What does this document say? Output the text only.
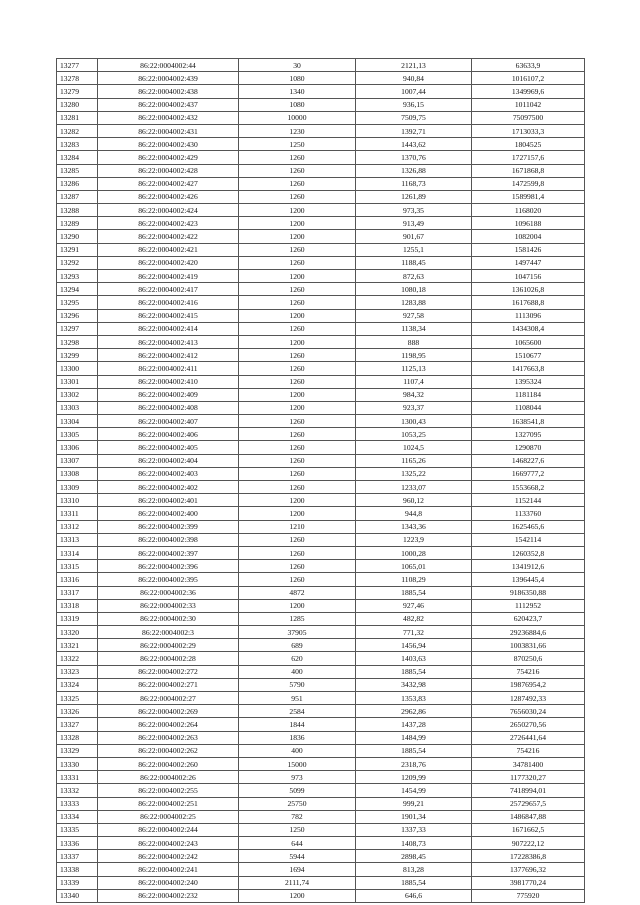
13277	86:22:0004002:44	30	2121,13	63633,9
13278	86:22:0004002:439	1080	940,84	1016107,2
13279	86:22:0004002:438	1340	1007,44	1349969,6
13280	86:22:0004002:437	1080	936,15	1011042
13281	86:22:0004002:432	10000	7509,75	75097500
13282	86:22:0004002:431	1230	1392,71	1713033,3
13283	86:22:0004002:430	1250	1443,62	1804525
13284	86:22:0004002:429	1260	1370,76	1727157,6
13285	86:22:0004002:428	1260	1326,88	1671868,8
13286	86:22:0004002:427	1260	1168,73	1472599,8
13287	86:22:0004002:426	1260	1261,89	1589981,4
13288	86:22:0004002:424	1200	973,35	1168020
13289	86:22:0004002:423	1200	913,49	1096188
13290	86:22:0004002:422	1200	901,67	1082004
13291	86:22:0004002:421	1260	1255,1	1581426
13292	86:22:0004002:420	1260	1188,45	1497447
13293	86:22:0004002:419	1200	872,63	1047156
13294	86:22:0004002:417	1260	1080,18	1361026,8
13295	86:22:0004002:416	1260	1283,88	1617688,8
13296	86:22:0004002:415	1200	927,58	1113096
13297	86:22:0004002:414	1260	1138,34	1434308,4
13298	86:22:0004002:413	1200	888	1065600
13299	86:22:0004002:412	1260	1198,95	1510677
13300	86:22:0004002:411	1260	1125,13	1417663,8
13301	86:22:0004002:410	1260	1107,4	1395324
13302	86:22:0004002:409	1200	984,32	1181184
13303	86:22:0004002:408	1200	923,37	1108044
13304	86:22:0004002:407	1260	1300,43	1638541,8
13305	86:22:0004002:406	1260	1053,25	1327095
13306	86:22:0004002:405	1260	1024,5	1290870
13307	86:22:0004002:404	1260	1165,26	1468227,6
13308	86:22:0004002:403	1260	1325,22	1669777,2
13309	86:22:0004002:402	1260	1233,07	1553668,2
13310	86:22:0004002:401	1200	960,12	1152144
13311	86:22:0004002:400	1200	944,8	1133760
13312	86:22:0004002:399	1210	1343,36	1625465,6
13313	86:22:0004002:398	1260	1223,9	1542114
13314	86:22:0004002:397	1260	1000,28	1260352,8
13315	86:22:0004002:396	1260	1065,01	1341912,6
13316	86:22:0004002:395	1260	1108,29	1396445,4
13317	86:22:0004002:36	4872	1885,54	9186350,88
13318	86:22:0004002:33	1200	927,46	1112952
13319	86:22:0004002:30	1285	482,82	620423,7
13320	86:22:0004002:3	37905	771,32	29236884,6
13321	86:22:0004002:29	689	1456,94	1003831,66
13322	86:22:0004002:28	620	1403,63	870250,6
13323	86:22:0004002:272	400	1885,54	754216
13324	86:22:0004002:271	5790	3432,98	19876954,2
13325	86:22:0004002:27	951	1353,83	1287492,33
13326	86:22:0004002:269	2584	2962,86	7656030,24
13327	86:22:0004002:264	1844	1437,28	2650270,56
13328	86:22:0004002:263	1836	1484,99	2726441,64
13329	86:22:0004002:262	400	1885,54	754216
13330	86:22:0004002:260	15000	2318,76	34781400
13331	86:22:0004002:26	973	1209,99	1177320,27
13332	86:22:0004002:255	5099	1454,99	7418994,01
13333	86:22:0004002:251	25750	999,21	25729657,5
13334	86:22:0004002:25	782	1901,34	1486847,88
13335	86:22:0004002:244	1250	1337,33	1671662,5
13336	86:22:0004002:243	644	1408,73	907222,12
13337	86:22:0004002:242	5944	2898,45	17228386,8
13338	86:22:0004002:241	1694	813,28	1377696,32
13339	86:22:0004002:240	2111,74	1885,54	3981770,24
13340	86:22:0004002:232	1200	646,6	775920
